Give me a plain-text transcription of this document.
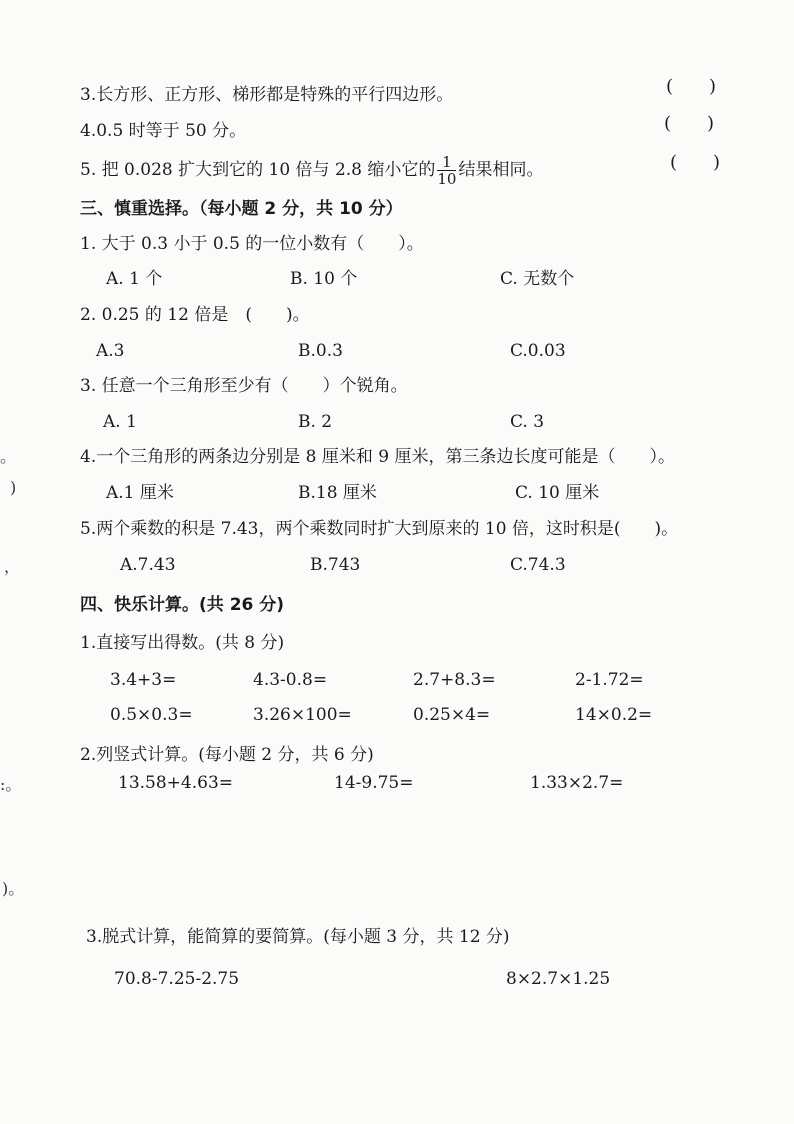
3.长方形、正方形、梯形都是特殊的平行四边形。	(　　)
4.0.5 时等于 50 分。	(　　)
5. 把 0.028 扩大到它的 10 倍与 2.8 缩小它的 $\frac{1}{10}$ 结果相同。	(　　)
三、慎重选择。（每小题 2 分，共 10 分）
1. 大于 0.3 小于 0.5 的一位小数有（　　）。
A. 1 个	B. 10 个	C. 无数个
2. 0.25 的 12 倍是　(　　)。
A.3	B.0.3	C.0.03
3. 任意一个三角形至少有（　　）个锐角。
A. 1	B. 2	C. 3
4.一个三角形的两条边分别是 8 厘米和 9 厘米，第三条边长度可能是（　　）。
A.1 厘米	B.18 厘米	C. 10 厘米
5.两个乘数的积是 7.43，两个乘数同时扩大到原来的 10 倍，这时积是(　　)。
A.7.43	B.743	C.74.3
四、快乐计算。(共 26 分)
1.直接写出得数。(共 8 分)
3.4+3=	4.3-0.8=	2.7+8.3=	2-1.72=
0.5×0.3=	3.26×100=	0.25×4=	14×0.2=
2.列竖式计算。(每小题 2 分，共 6 分)
13.58+4.63=	14-9.75=	1.33×2.7=
3.脱式计算，能简算的要简算。(每小题 3 分，共 12 分)
70.8-7.25-2.75	8×2.7×1.25
。
)
，
:。
)。
